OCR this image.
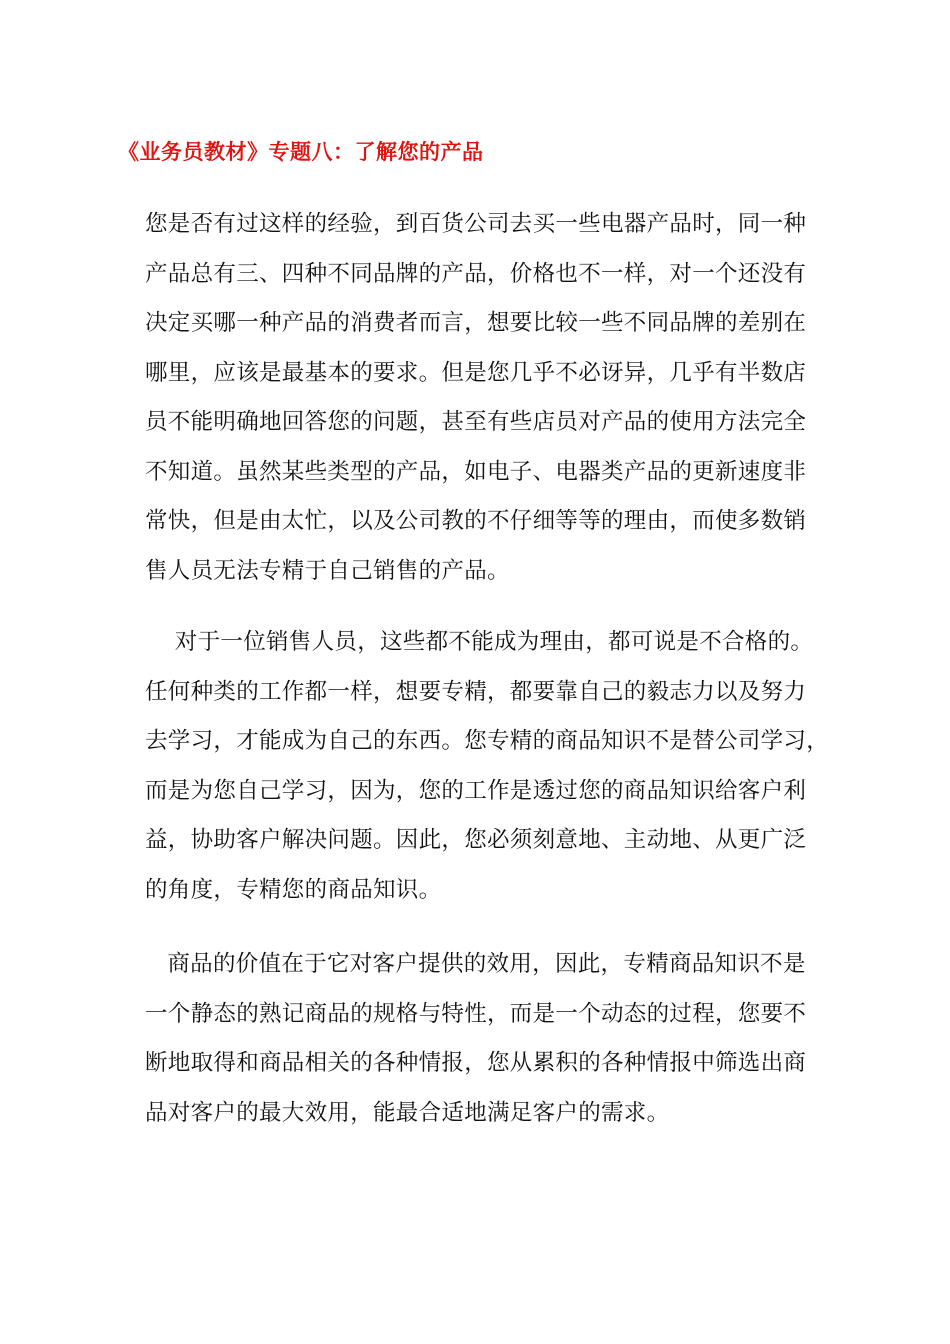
《业务员教材》专题八：了解您的产品
您是否有过这样的经验，到百货公司去买一些电器产品时，同一种
产品总有三、四种不同品牌的产品，价格也不一样，对一个还没有
决定买哪一种产品的消费者而言，想要比较一些不同品牌的差别在
哪里，应该是最基本的要求。但是您几乎不必讶异，几乎有半数店
员不能明确地回答您的问题，甚至有些店员对产品的使用方法完全
不知道。虽然某些类型的产品，如电子、电器类产品的更新速度非
常快，但是由太忙，以及公司教的不仔细等等的理由，而使多数销
售人员无法专精于自己销售的产品。
对于一位销售人员，这些都不能成为理由，都可说是不合格的。
任何种类的工作都一样，想要专精，都要靠自己的毅志力以及努力
去学习，才能成为自己的东西。您专精的商品知识不是替公司学习，
而是为您自己学习，因为，您的工作是透过您的商品知识给客户利
益，协助客户解决问题。因此，您必须刻意地、主动地、从更广泛
的角度，专精您的商品知识。
商品的价值在于它对客户提供的效用，因此，专精商品知识不是
一个静态的熟记商品的规格与特性，而是一个动态的过程，您要不
断地取得和商品相关的各种情报，您从累积的各种情报中筛选出商
品对客户的最大效用，能最合适地满足客户的需求。
